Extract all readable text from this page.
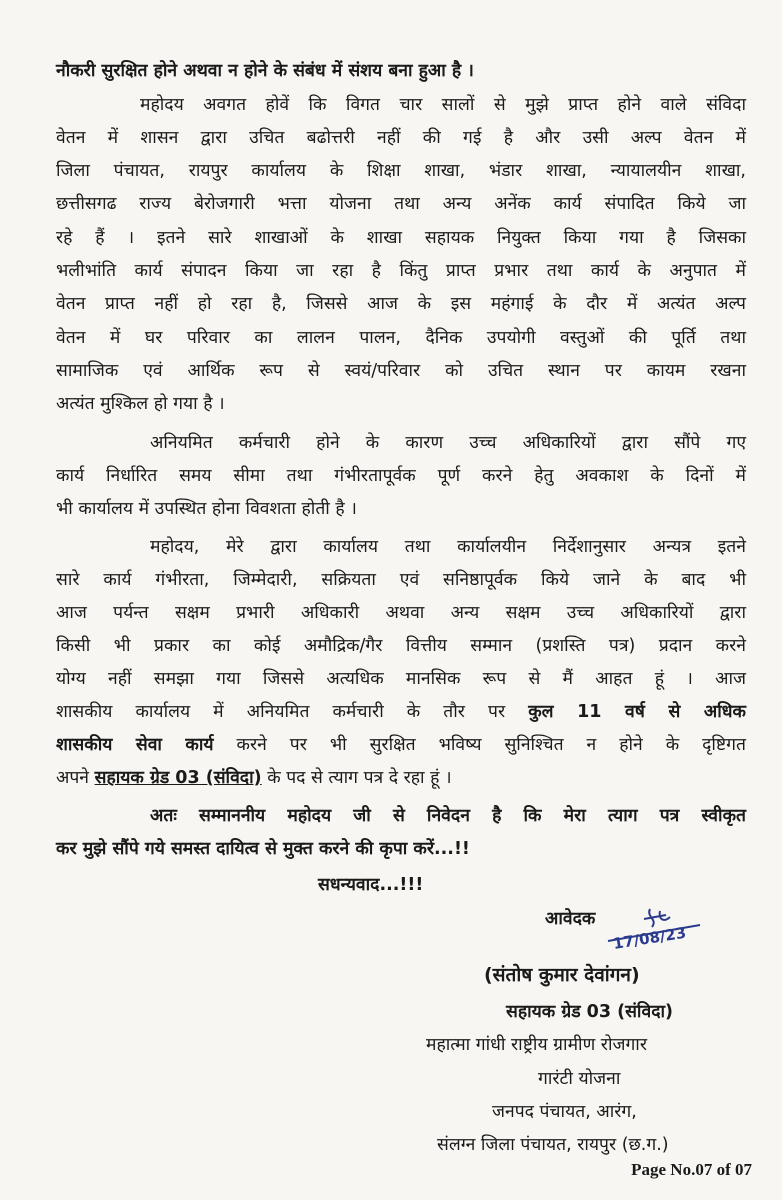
नौकरी सुरक्षित होने अथवा न होने के संबंध में संशय बना हुआ है ।
महोदय अवगत होवें कि विगत चार सालों से मुझे प्राप्त होने वाले संविदा
वेतन में शासन द्वारा उचित बढोत्तरी नहीं की गई है और उसी अल्प वेतन में
जिला पंचायत, रायपुर कार्यालय के शिक्षा शाखा, भंडार शाखा, न्यायालयीन शाखा,
छत्तीसगढ राज्य बेरोजगारी भत्ता योजना तथा अन्य अनेंक कार्य संपादित किये जा
रहे हैं । इतने सारे शाखाओं के शाखा सहायक नियुक्त किया गया है जिसका
भलीभांति कार्य संपादन किया जा रहा है किंतु प्राप्त प्रभार तथा कार्य के अनुपात में
वेतन प्राप्त नहीं हो रहा है, जिससे आज के इस महंगाई के दौर में अत्यंत अल्प
वेतन में घर परिवार का लालन पालन, दैनिक उपयोगी वस्तुओं की पूर्ति तथा
सामाजिक एवं आर्थिक रूप से स्वयं/परिवार को उचित स्थान पर कायम रखना
अत्यंत मुश्किल हो गया है ।
अनियमित कर्मचारी होने के कारण उच्च अधिकारियों द्वारा सौंपे गए
कार्य निर्धारित समय सीमा तथा गंभीरतापूर्वक पूर्ण करने हेतु अवकाश के दिनों में
भी कार्यालय में उपस्थित होना विवशता होती है ।
महोदय, मेरे द्वारा कार्यालय तथा कार्यालयीन निर्देशानुसार अन्यत्र इतने
सारे कार्य गंभीरता, जिम्मेदारी, सक्रियता एवं सनिष्ठापूर्वक किये जाने के बाद भी
आज पर्यन्त सक्षम प्रभारी अधिकारी अथवा अन्य सक्षम उच्च अधिकारियों द्वारा
किसी भी प्रकार का कोई अमौद्रिक/गैर वित्तीय सम्मान (प्रशस्ति पत्र) प्रदान करने
योग्य नहीं समझा गया जिससे अत्यधिक मानसिक रूप से मैं आहत हूं । आज
शासकीय कार्यालय में अनियमित कर्मचारी के तौर पर कुल 11 वर्ष से अधिक
शासकीय सेवा कार्य करने पर भी सुरक्षित भविष्य सुनिश्चित न होने के दृष्टिगत
अपने सहायक ग्रेड 03 (संविदा) के पद से त्याग पत्र दे रहा हूं ।
अतः सम्माननीय महोदय जी से निवेदन है कि मेरा त्याग पत्र स्वीकृत
कर मुझे सौंपे गये समस्त दायित्व से मुक्त करने की कृपा करें...!!
सधन्यवाद...!!!
आवेदक
17/08/23
(संतोष कुमार देवांगन)
सहायक ग्रेड 03 (संविदा)
महात्मा गांधी राष्ट्रीय ग्रामीण रोजगार
गारंटी योजना
जनपद पंचायत, आरंग,
संलग्न जिला पंचायत, रायपुर (छ.ग.)
Page No.07 of 07
